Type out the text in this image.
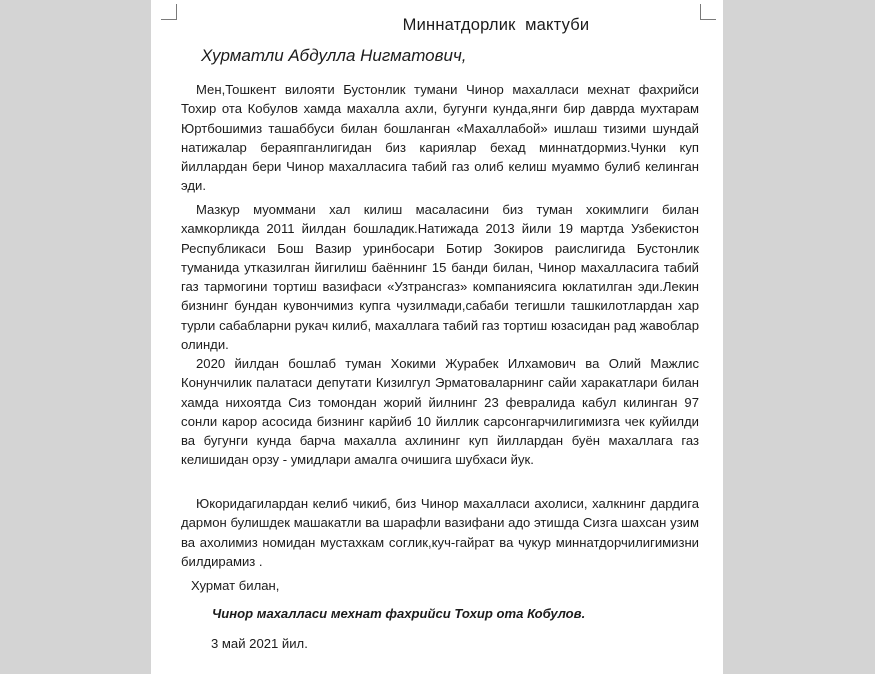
Миннатдорлик  мактуби
Хурматли Абдулла Нигматович,

Мен,Тошкент вилояти Бустонлик тумани Чинор махалласи мехнат фахрийси Тохир ота Кобулов хамда махалла ахли, бугунги кунда,янги бир даврда мухтарам Юртбошимиз ташаббуси билан бошланган «Махаллабой» ишлаш тизими шундай натижалар бераяпганлигидан биз кариялар бехад миннатдормиз.Чунки куп йиллардан бери Чинор махалласига табий газ олиб келиш муаммо булиб келинган эди.

Мазкур муоммани хал килиш масаласини биз туман хокимлиги билан хамкорликда 2011 йилдан бошладик.Натижада 2013 йили 19 мартда Узбекистон Республикаси Бош Вазир уринбосари Ботир Зокиров раислигида Бустонлик туманида утказилган йигилиш баённинг 15 банди билан, Чинор махалласига табий газ тармогини тортиш вазифаси «Узтрансгаз» компаниясига юклатилган эди.Лекин бизнинг бундан кувончимиз купга чузилмади,сабаби тегишли ташкилотлардан хар турли сабабларни рукач килиб, махаллага табий газ тортиш юзасидан рад жавоблар олинди.

2020 йилдан бошлаб туман Хокими Журабек Илхамович ва Олий Мажлис Конунчилик палатаси депутати Кизилгул Эрматоваларнинг сайи харакатлари билан хамда нихоятда Сиз томондан жорий йилнинг 23 февралида кабул килинган 97 сонли карор асосида бизнинг карйиб 10 йиллик сарсонгарчилигимизга чек куйилди ва бугунги кунда барча махалла ахлининг куп йиллардан буён махаллага газ келишидан орзу - умидлари амалга очишига шубхаси йук.

Юкоридагилардан келиб чикиб, биз Чинор махалласи ахолиси, халкнинг дардига дармон булишдек машакатли ва шарафли вазифани адо этишда Сизга шахсан узим ва ахолимиз номидан мустахкам соглик,куч-гайрат ва чукур миннатдорчилигимизни билдирамиз .

Хурмат билан,
Чинор махалласи мехнат фахрийси Тохир ота Кобулов.
3 май 2021 йил.
